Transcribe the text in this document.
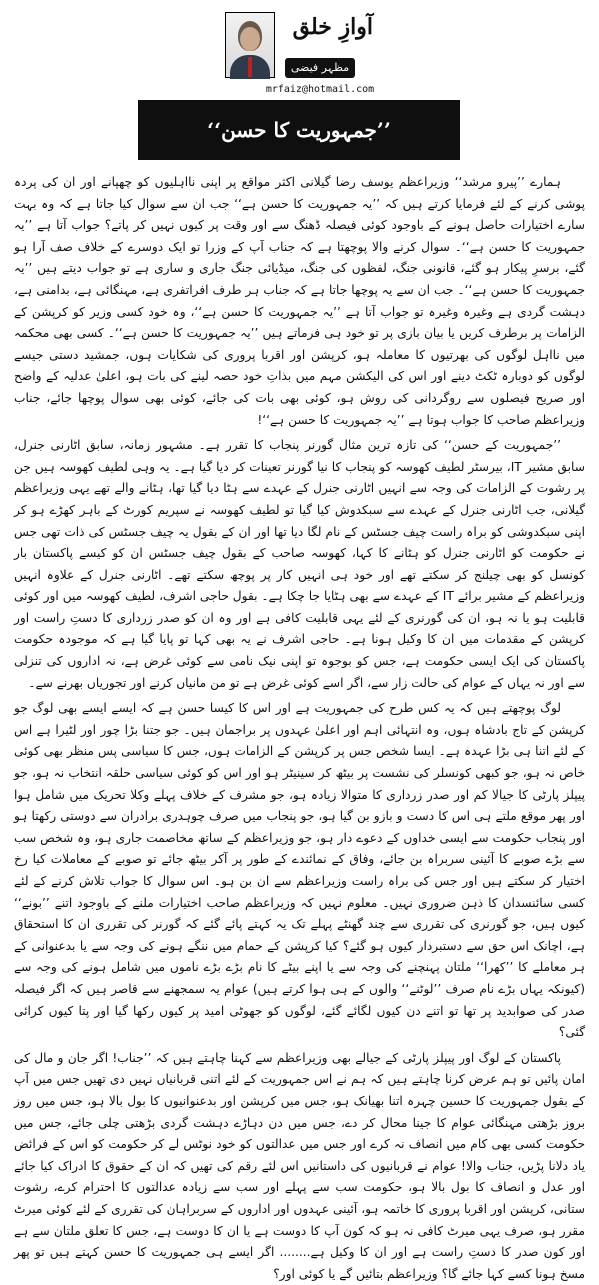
آوازِ خلق
مظہر فیضی
mrfaiz@hotmail.com
’’جمہوریت کا حسن‘‘

ہمارے ’’پیرو مرشد‘‘ وزیراعظم یوسف رضا گیلانی اکثر مواقع پر اپنی نااہلیوں کو چھپانے اور ان کی پردہ پوشی کرنے کے لئے فرمایا کرتے ہیں کہ ’’یہ جمہوریت کا حسن ہے‘‘ جب ان سے سوال کیا جاتا ہے کہ وہ بہت سارے اختیارات حاصل ہونے کے باوجود کوئی فیصلہ ڈھنگ سے اور وقت پر کیوں نہیں کر پاتے؟ جواب آتا ہے ’’یہ جمہوریت کا حسن ہے‘‘۔ سوال کرنے والا پوچھتا ہے کہ جناب آپ کے وزرا تو ایک دوسرے کے خلاف صف آرا ہو گئے، برسرِ پیکار ہو گئے، قانونی جنگ، لفظوں کی جنگ، میڈیائی جنگ جاری و ساری ہے تو جواب دیتے ہیں ’’یہ جمہوریت کا حسن ہے‘‘۔ جب ان سے یہ پوچھا جاتا ہے کہ جناب ہر طرف افراتفری ہے، مہنگائی ہے، بدامنی ہے، دہشت گردی ہے وغیرہ وغیرہ تو جواب آتا ہے ’’یہ جمہوریت کا حسن ہے‘‘، وہ خود کسی وزیر کو کرپشن کے الزامات پر برطرف کریں یا بیان بازی پر تو خود ہی فرماتے ہیں ’’یہ جمہوریت کا حسن ہے‘‘۔ کسی بھی محکمہ میں نااہل لوگوں کی بھرتیوں کا معاملہ ہو، کرپشن اور اقربا پروری کی شکایات ہوں، جمشید دستی جیسے لوگوں کو دوبارہ ٹکٹ دینے اور اس کی الیکشن مہم میں بذاتِ خود حصہ لینے کی بات ہو، اعلیٰ عدلیہ کے واضح اور صریح فیصلوں سے روگردانی کی روش ہو، کوئی بھی بات کی جائے، کوئی بھی سوال پوچھا جائے، جناب وزیراعظم صاحب کا جواب ہوتا ہے ’’یہ جمہوریت کا حسن ہے‘‘!

’’جمہوریت کے حسن‘‘ کی تازہ ترین مثال گورنر پنجاب کا تقرر ہے۔ مشہور زمانہ، سابق اٹارنی جنرل، سابق مشیر IT، بیرسٹر لطیف کھوسہ کو پنجاب کا نیا گورنر تعینات کر دیا گیا ہے۔ یہ وہی لطیف کھوسہ ہیں جن پر رشوت کے الزامات کی وجہ سے انہیں اٹارنی جنرل کے عہدے سے ہٹا دیا گیا تھا، ہٹانے والے تھے یہی وزیراعظم گیلانی، جب اٹارنی جنرل کے عہدے سے سبکدوش کیا گیا تو لطیف کھوسہ نے سپریم کورٹ کے باہر کھڑے ہو کر اپنی سبکدوشی کو براہ راست چیف جسٹس کے نام لگا دیا تھا اور ان کے بقول یہ چیف جسٹس کی ذات تھی جس نے حکومت کو اٹارنی جنرل کو ہٹانے کا کہا، کھوسہ صاحب کے بقول چیف جسٹس ان کو کیسے پاکستان بار کونسل کو بھی چیلنج کر سکتے تھے اور خود ہی انہیں کار پر پوچھ سکتے تھے۔ اٹارنی جنرل کے علاوہ انہیں وزیراعظم کے مشیر برائے IT کے عہدے سے بھی ہٹایا جا چکا ہے۔ بقول حاجی اشرف، لطیف کھوسہ میں اور کوئی قابلیت ہو یا نہ ہو، ان کی گورنری کے لئے یہی قابلیت کافی ہے اور وہ ان کو صدر زرداری کا دستِ راست اور کرپشن کے مقدمات میں ان کا وکیل ہونا ہے۔ حاجی اشرف نے یہ بھی کہا تو پایا گیا ہے کہ موجودہ حکومت پاکستان کی ایک ایسی حکومت ہے، جس کو بوجوہ تو اپنی نیک نامی سے کوئی غرض ہے، نہ اداروں کی تنزلی سے اور نہ یہاں کے عوام کی حالت زار سے، اگر اسے کوئی غرض ہے تو من مانیاں کرنے اور تجوریاں بھرنے سے۔

لوگ پوچھتے ہیں کہ یہ کس طرح کی جمہوریت ہے اور اس کا کیسا حسن ہے کہ ایسے ایسے بھی لوگ جو کرپشن کے تاج بادشاہ ہوں، وہ انتہائی اہم اور اعلیٰ عہدوں پر براجمان ہیں۔ جو جتنا بڑا چور اور لٹیرا ہے اس کے لئے اتنا ہی بڑا عہدہ ہے۔ ایسا شخص جس پر کرپشن کے الزامات ہوں، جس کا سیاسی پس منظر بھی کوئی خاص نہ ہو، جو کبھی کونسلر کی نشست پر بیٹھ کر سینیٹر ہو اور اس کو کوئی سیاسی حلقہ انتخاب نہ ہو، جو پیپلز پارٹی کا جیالا کم اور صدر زرداری کا متوالا زیادہ ہو، جو مشرف کے خلاف پہلے وکلا تحریک میں شامل ہوا اور پھر موقع ملتے ہی اس کا دست و بازو بن گیا ہو، جو پنجاب میں صرف چوہدری برادران سے دوستی رکھتا ہو اور پنجاب حکومت سے ایسی خداوں کے دعوے دار ہو، جو وزیراعظم کے ساتھ مخاصمت جاری ہو، وہ شخص سب سے بڑے صوبے کا آئینی سربراہ بن جائے، وفاق کے نمائندے کے طور پر آکر بیٹھ جائے تو صوبے کے معاملات کیا رخ اختیار کر سکتے ہیں اور جس کی براہ راست وزیراعظم سے ان بن ہو۔ اس سوال کا جواب تلاش کرنے کے لئے کسی سائنسدان کا ذہن ضروری نہیں۔ معلوم نہیں کہ وزیراعظم صاحب اختیارات ملنے کے باوجود اتنے ’’بونے‘‘ کیوں ہیں، جو گورنری کی تقرری سے چند گھنٹے پہلے تک یہ کہتے پائے گئے کہ گورنر کی تقرری ان کا استحقاق ہے، اچانک اس حق سے دستبردار کیوں ہو گئے؟ کیا کرپشن کے حمام میں ننگے ہونے کی وجہ سے یا بدعنوانی کے ہر معاملے کا ’’کھرا‘‘ ملتان پہنچنے کی وجہ سے یا اپنے بیٹے کا نام بڑے بڑے ناموں میں شامل ہونے کی وجہ سے (کیونکہ یہاں بڑے نام صرف ’’لوٹنے‘‘ والوں کے ہی ہوا کرتے ہیں) عوام یہ سمجھنے سے قاصر ہیں کہ اگر فیصلہ صدر کی صوابدید پر تھا تو اتنے دن کیوں لگائے گئے، لوگوں کو جھوٹی امید پر کیوں رکھا گیا اور پتا کیوں کرائی گئی؟

پاکستان کے لوگ اور پیپلز پارٹی کے جیالے بھی وزیراعظم سے کہنا چاہتے ہیں کہ ’’جناب! اگر جان و مال کی امان پائیں تو ہم عرض کرنا چاہتے ہیں کہ ہم نے اس جمہوریت کے لئے اتنی قربانیاں نہیں دی تھیں جس میں آپ کے بقول جمہوریت کا حسین چہرہ اتنا بھیانک ہو، جس میں کرپشن اور بدعنوانیوں کا بول بالا ہو، جس میں روز بروز بڑھتی مہنگائی عوام کا جینا محال کر دے، جس میں دن دہاڑے دہشت گردی بڑھتی چلی جائے، جس میں حکومت کسی بھی کام میں انصاف نہ کرے اور جس میں عدالتوں کو خود نوٹس لے کر حکومت کو اس کے فرائض یاد دلانا پڑیں، جناب والا! عوام نے قربانیوں کی داستانیں اس لئے رقم کی تھیں کہ ان کے حقوق کا ادراک کیا جائے اور عدل و انصاف کا بول بالا ہو، حکومت سب سے پہلے اور سب سے زیادہ عدالتوں کا احترام کرے، رشوت ستانی، کرپشن اور اقربا پروری کا خاتمہ ہو، آئینی عہدوں اور اداروں کے سربراہان کی تقرری کے لئے کوئی میرٹ مقرر ہو، صرف یہی میرٹ کافی نہ ہو کہ کون آپ کا دوست ہے یا ان کا دوست ہے، جس کا تعلق ملتان سے ہے اور کون صدر کا دستِ راست ہے اور ان کا وکیل ہے........ اگر ایسے ہی جمہوریت کا حسن کہتے ہیں تو پھر مسخ ہونا کسے کہا جائے گا؟ وزیراعظم بتائیں گے یا کوئی اور؟
